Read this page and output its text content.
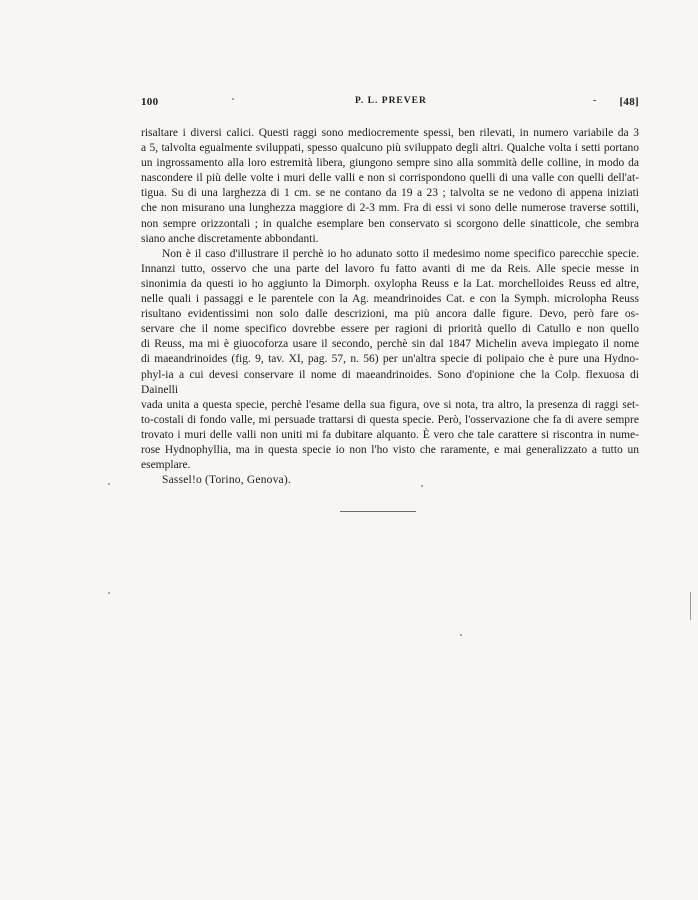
100	P. L. PREVER	- [48]

risaltare i diversi calici. Questi raggi sono mediocremente spessi, ben rilevati, in numero variabile da 3

a 5, talvolta egualmente sviluppati, spesso qualcuno più sviluppato degli altri. Qualche volta i setti portano

un ingrossamento alla loro estremità libera, giungono sempre sino alla sommità delle colline, in modo da

nascondere il più delle volte i muri delle valli e non si corrispondono quelli di una valle con quelli dell'at-

tigua. Su di una larghezza di 1 cm. se ne contano da 19 a 23 ; talvolta se ne vedono di appena iniziati

che non misurano una lunghezza maggiore di 2-3 mm. Fra di essi vi sono delle numerose traverse sottili,

non sempre orizzontali ; in qualche esemplare ben conservato si scorgono delle sinatticole, che sembra

siano anche discretamente abbondanti.

Non è il caso d'illustrare il perchè io ho adunato sotto il medesimo nome specifico parecchie specie.

Innanzi tutto, osservo che una parte del lavoro fu fatto avanti di me da Reis. Alle specie messe in

sinonimia da questi io ho aggiunto la Dimorph. oxylopha Reuss e la Lat. morchelloides Reuss ed altre,

nelle quali i passaggi e le parentele con la Ag. meandrinoides Cat. e con la Symph. microlopha Reuss

risultano evidentissimi non solo dalle descrizioni, ma più ancora dalle figure. Devo, però fare os-

servare che il nome specifico dovrebbe essere per ragioni di priorità quello di Catullo e non quello

di Reuss, ma mi è giuocoforza usare il secondo, perchè sin dal 1847 Michelin aveva impiegato il nome

di maeandrinoides (fig. 9, tav. XI, pag. 57, n. 56) per un'altra specie di polipaio che è pure una Hydno-

phyl-ia a cui devesi conservare il nome di maeandrinoides. Sono d'opinione che la Colp. flexuosa di Dainelli

vada unita a questa specie, perchè l'esame della sua figura, ove si nota, tra altro, la presenza di raggi set-

to-costali di fondo valle, mi persuade trattarsi di questa specie. Però, l'osservazione che fa di avere sempre

trovato i muri delle valli non uniti mi fa dubitare alquanto. È vero che tale carattere si riscontra in nume-

rose Hydnophyllia, ma in questa specie io non l'ho visto che raramente, e mai generalizzato a tutto un

esemplare.

Sassel!o (Torino, Genova).
